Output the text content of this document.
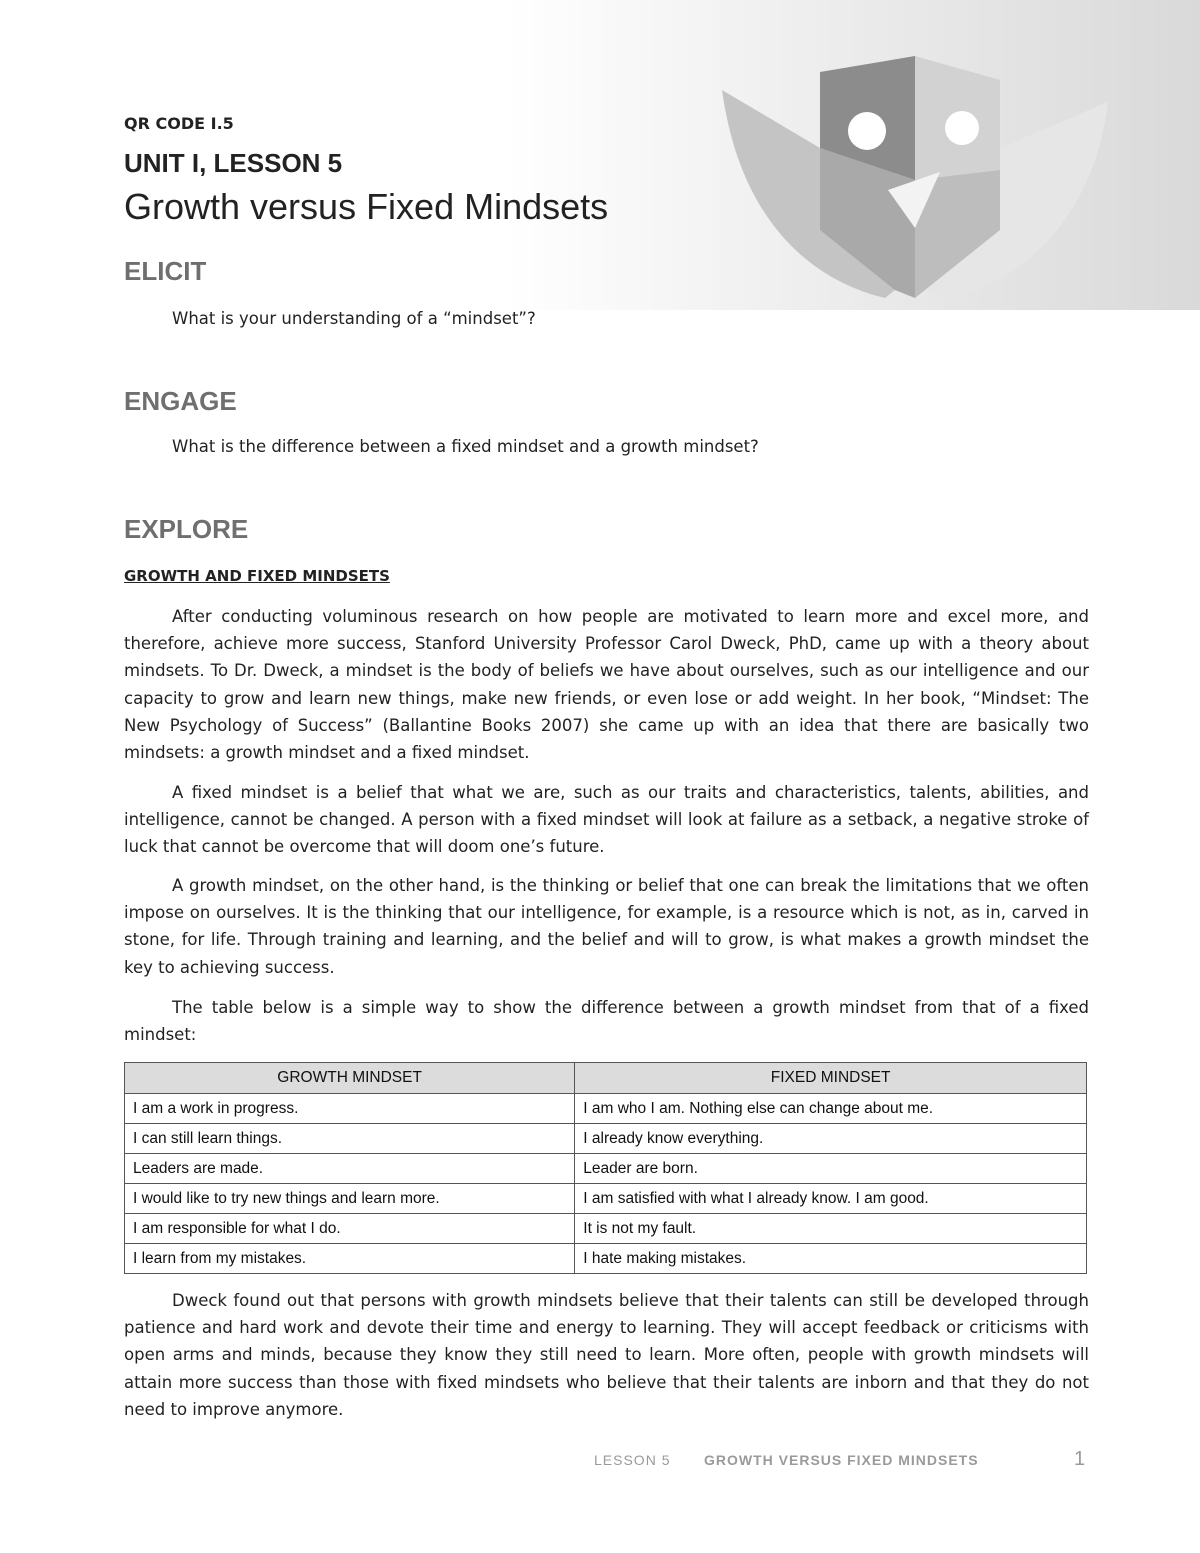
QR CODE I.5
UNIT I, LESSON 5
Growth versus Fixed Mindsets
ELICIT
What is your understanding of a “mindset”?
ENGAGE
What is the difference between a fixed mindset and a growth mindset?
EXPLORE
GROWTH AND FIXED MINDSETS

After conducting voluminous research on how people are motivated to learn more and excel more, and therefore, achieve more success, Stanford University Professor Carol Dweck, PhD, came up with a theory about mindsets. To Dr. Dweck, a mindset is the body of beliefs we have about ourselves, such as our intelligence and our capacity to grow and learn new things, make new friends, or even lose or add weight. In her book, “Mindset: The New Psychology of Success” (Ballantine Books 2007) she came up with an idea that there are basically two mindsets: a growth mindset and a fixed mindset.

A fixed mindset is a belief that what we are, such as our traits and characteristics, talents, abilities, and intelligence, cannot be changed. A person with a fixed mindset will look at failure as a setback, a negative stroke of luck that cannot be overcome that will doom one’s future.

A growth mindset, on the other hand, is the thinking or belief that one can break the limitations that we often impose on ourselves. It is the thinking that our intelligence, for example, is a resource which is not, as in, carved in stone, for life. Through training and learning, and the belief and will to grow, is what makes a growth mindset the key to achieving success.

The table below is a simple way to show the difference between a growth mindset from that of a fixed mindset:

GROWTH MINDSET	FIXED MINDSET
I am a work in progress.	I am who I am. Nothing else can change about me.
I can still learn things.	I already know everything.
Leaders are made.	Leader are born.
I would like to try new things and learn more.	I am satisfied with what I already know. I am good.
I am responsible for what I do.	It is not my fault.
I learn from my mistakes.	I hate making mistakes.

Dweck found out that persons with growth mindsets believe that their talents can still be developed through patience and hard work and devote their time and energy to learning. They will accept feedback or criticisms with open arms and minds, because they know they still need to learn. More often, people with growth mindsets will attain more success than those with fixed mindsets who believe that their talents are inborn and that they do not need to improve anymore.

LESSON 5 GROWTH VERSUS FIXED MINDSETS	1
